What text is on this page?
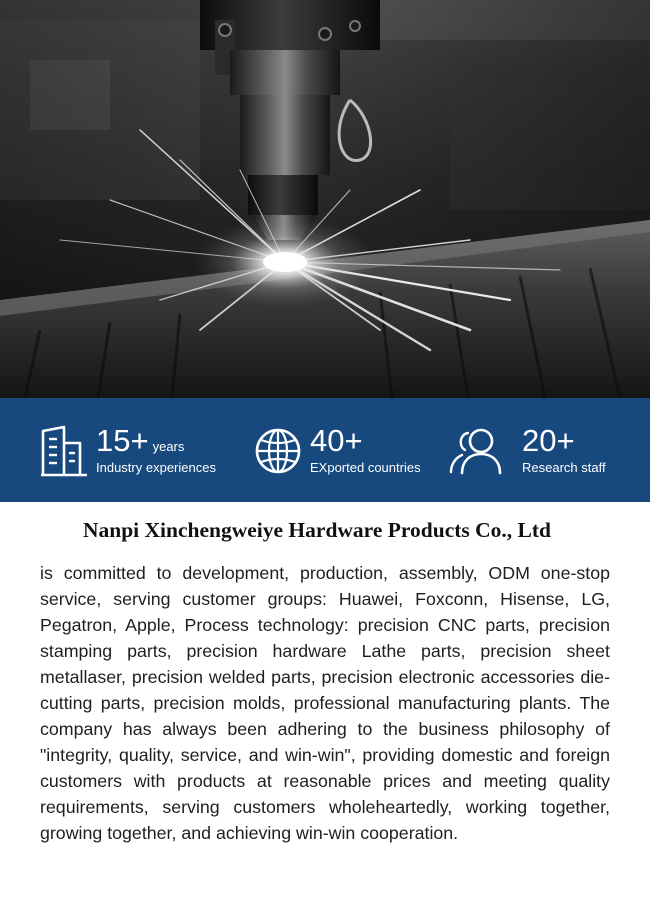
15+ years
Industry experiences
40+
EXported countries
20+
Research staff
Nanpi Xinchengweiye Hardware Products Co., Ltd

is committed to development, production, assembly, ODM one-stop service, serving customer groups: Huawei, Foxconn, Hisense, LG, Pegatron, Apple, Process technology: precision CNC parts, precision stamping parts, precision hardware Lathe parts, precision sheet metallaser, precision welded parts, precision electronic accessories die-cutting parts, precision molds, professional manufacturing plants. The company has always been adhering to the business philosophy of "integrity, quality, service, and win-win", providing domestic and foreign customers with products at reasonable prices and meeting quality requirements, serving customers wholeheartedly, working together, growing together, and achieving win-win cooperation.
